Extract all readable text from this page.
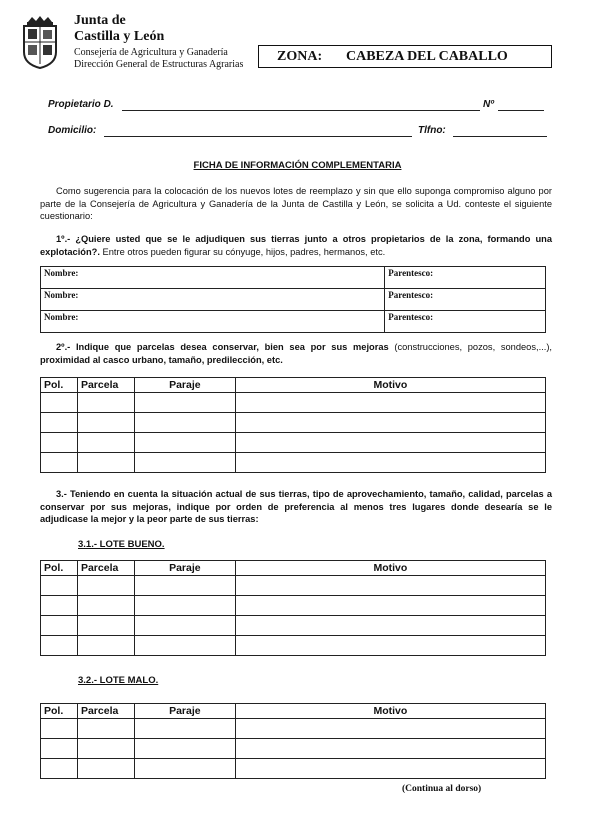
Junta de
Castilla y León
Consejería de Agricultura y Ganadería
Dirección General de Estructuras Agrarias
ZONA: CABEZA DEL CABALLO
Propietario D.	Nº
Domicilio:	Tlfno:
FICHA DE INFORMACIÓN COMPLEMENTARIA
Como sugerencia para la colocación de los nuevos lotes de reemplazo y sin que ello suponga compromiso alguno por parte de la Consejería de Agricultura y Ganadería de la Junta de Castilla y León, se solicita a Ud. conteste el siguiente cuestionario:
1º.- ¿Quiere usted que se le adjudiquen sus tierras junto a otros propietarios de la zona, formando una explotación?. Entre otros pueden figurar su cónyuge, hijos, padres, hermanos, etc.
Nombre:	Parentesco:
Nombre:	Parentesco:
Nombre:	Parentesco:
2º.- Indique que parcelas desea conservar, bien sea por sus mejoras (construcciones, pozos, sondeos,...), proximidad al casco urbano, tamaño, predilección, etc.
Pol.	Parcela	Paraje	Motivo

3.- Teniendo en cuenta la situación actual de sus tierras, tipo de aprovechamiento, tamaño, calidad, parcelas a conservar por sus mejoras, indique por orden de preferencia al menos tres lugares donde desearía se le adjudicase la mejor y la peor parte de sus tierras:
3.1.- LOTE BUENO.
Pol.	Parcela	Paraje	Motivo

3.2.- LOTE MALO.
Pol.	Parcela	Paraje	Motivo

(Continua al dorso)
